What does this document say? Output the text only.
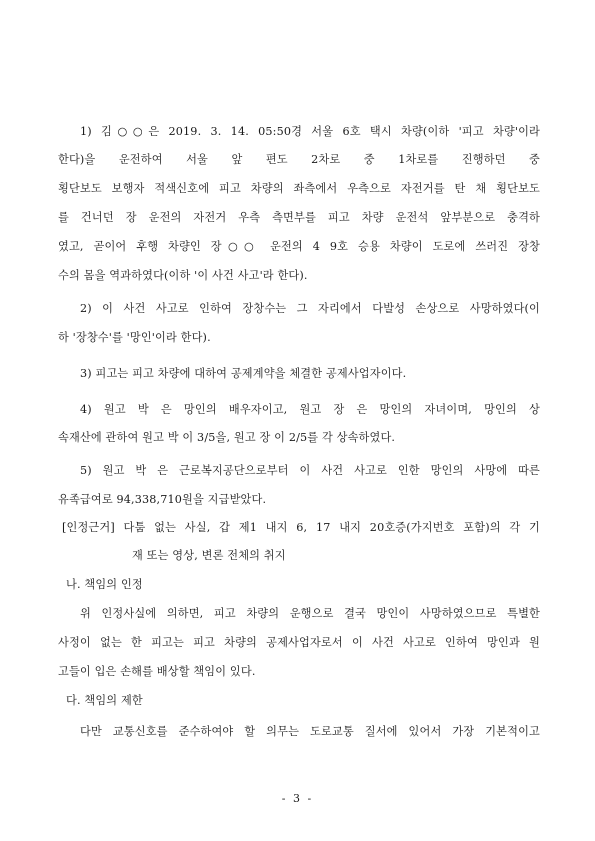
1) 김○○은 2019. 3. 14. 05:50경 서울 6호 택시 차량(이하 '피고 차량'이라
한다)을 운전하여 서울 앞 편도 2차로 중 1차로를 진행하던 중
횡단보도 보행자 적색신호에 피고 차량의 좌측에서 우측으로 자전거를 탄 채 횡단보도
를 건너던 장 운전의 자전거 우측 측면부를 피고 차량 운전석 앞부분으로 충격하
였고, 곧이어 후행 차량인 장○○ 운전의 4 9호 승용 차량이 도로에 쓰러진 장창
수의 몸을 역과하였다(이하 '이 사건 사고'라 한다).
2) 이 사건 사고로 인하여 장창수는 그 자리에서 다발성 손상으로 사망하였다(이
하 '장창수'를 '망인'이라 한다).
3) 피고는 피고 차량에 대하여 공제계약을 체결한 공제사업자이다.
4) 원고 박 은 망인의 배우자이고, 원고 장 은 망인의 자녀이며, 망인의 상
속재산에 관하여 원고 박 이 3/5을, 원고 장 이 2/5를 각 상속하였다.
5) 원고 박 은 근로복지공단으로부터 이 사건 사고로 인한 망인의 사망에 따른
유족급여로 94,338,710원을 지급받았다.
[인정근거] 다툼 없는 사실, 갑 제1 내지 6, 17 내지 20호증(가지번호 포함)의 각 기
재 또는 영상, 변론 전체의 취지
나. 책임의 인정
위 인정사실에 의하면, 피고 차량의 운행으로 결국 망인이 사망하였으므로 특별한
사정이 없는 한 피고는 피고 차량의 공제사업자로서 이 사건 사고로 인하여 망인과 원
고들이 입은 손해를 배상할 책임이 있다.
다. 책임의 제한
다만 교통신호를 준수하여야 할 의무는 도로교통 질서에 있어서 가장 기본적이고
- 3 -
